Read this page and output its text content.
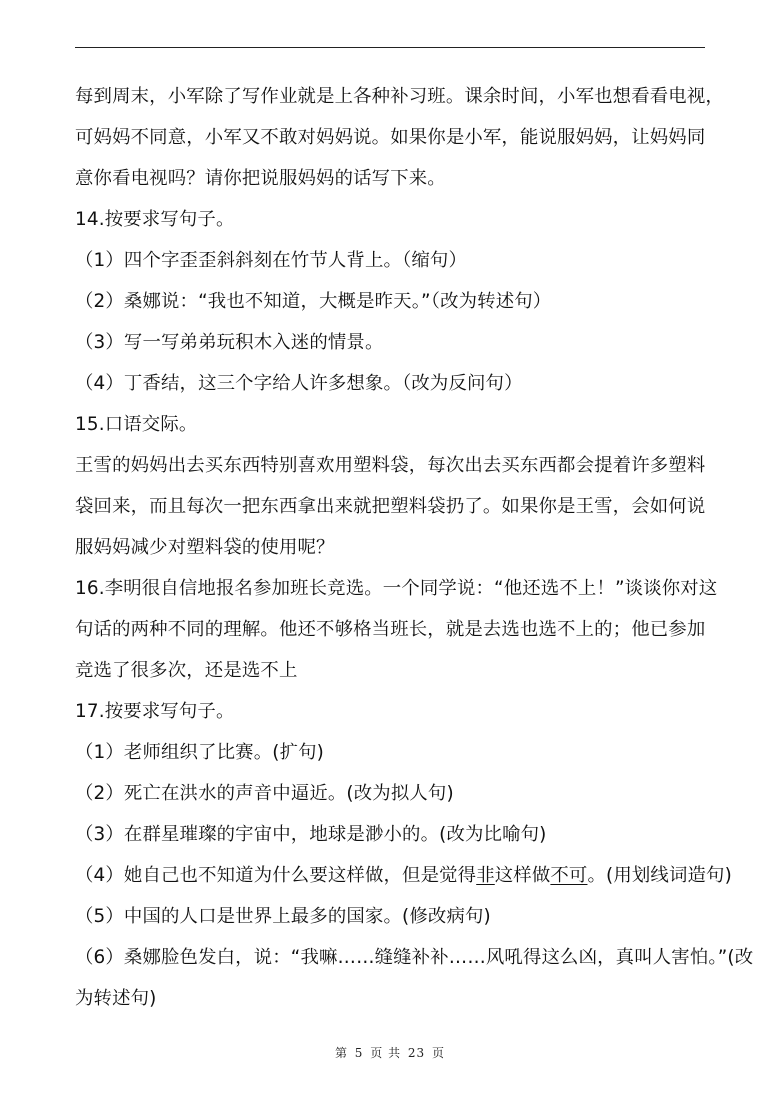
每到周末，小军除了写作业就是上各种补习班。课余时间，小军也想看看电视，
可妈妈不同意，小军又不敢对妈妈说。如果你是小军，能说服妈妈，让妈妈同
意你看电视吗？请你把说服妈妈的话写下来。
14.按要求写句子。
（1）四个字歪歪斜斜刻在竹节人背上。（缩句）
（2）桑娜说：“我也不知道，大概是昨天。”（改为转述句）
（3）写一写弟弟玩积木入迷的情景。
（4）丁香结，这三个字给人许多想象。（改为反问句）
15.口语交际。
王雪的妈妈出去买东西特别喜欢用塑料袋，每次出去买东西都会提着许多塑料
袋回来，而且每次一把东西拿出来就把塑料袋扔了。如果你是王雪，会如何说
服妈妈减少对塑料袋的使用呢？
16.李明很自信地报名参加班长竞选。一个同学说：“他还选不上！”谈谈你对这
句话的两种不同的理解。他还不够格当班长，就是去选也选不上的；他已参加
竞选了很多次，还是选不上
17.按要求写句子。
（1）老师组织了比赛。(扩句)
（2）死亡在洪水的声音中逼近。(改为拟人句)
（3）在群星璀璨的宇宙中，地球是渺小的。(改为比喻句)
（4）她自己也不知道为什么要这样做，但是觉得非这样做不可。(用划线词造句)
（5）中国的人口是世界上最多的国家。(修改病句)
（6）桑娜脸色发白，说：“我嘛……缝缝补补……风吼得这么凶，真叫人害怕。”(改
为转述句)
第 5 页 共 23 页
